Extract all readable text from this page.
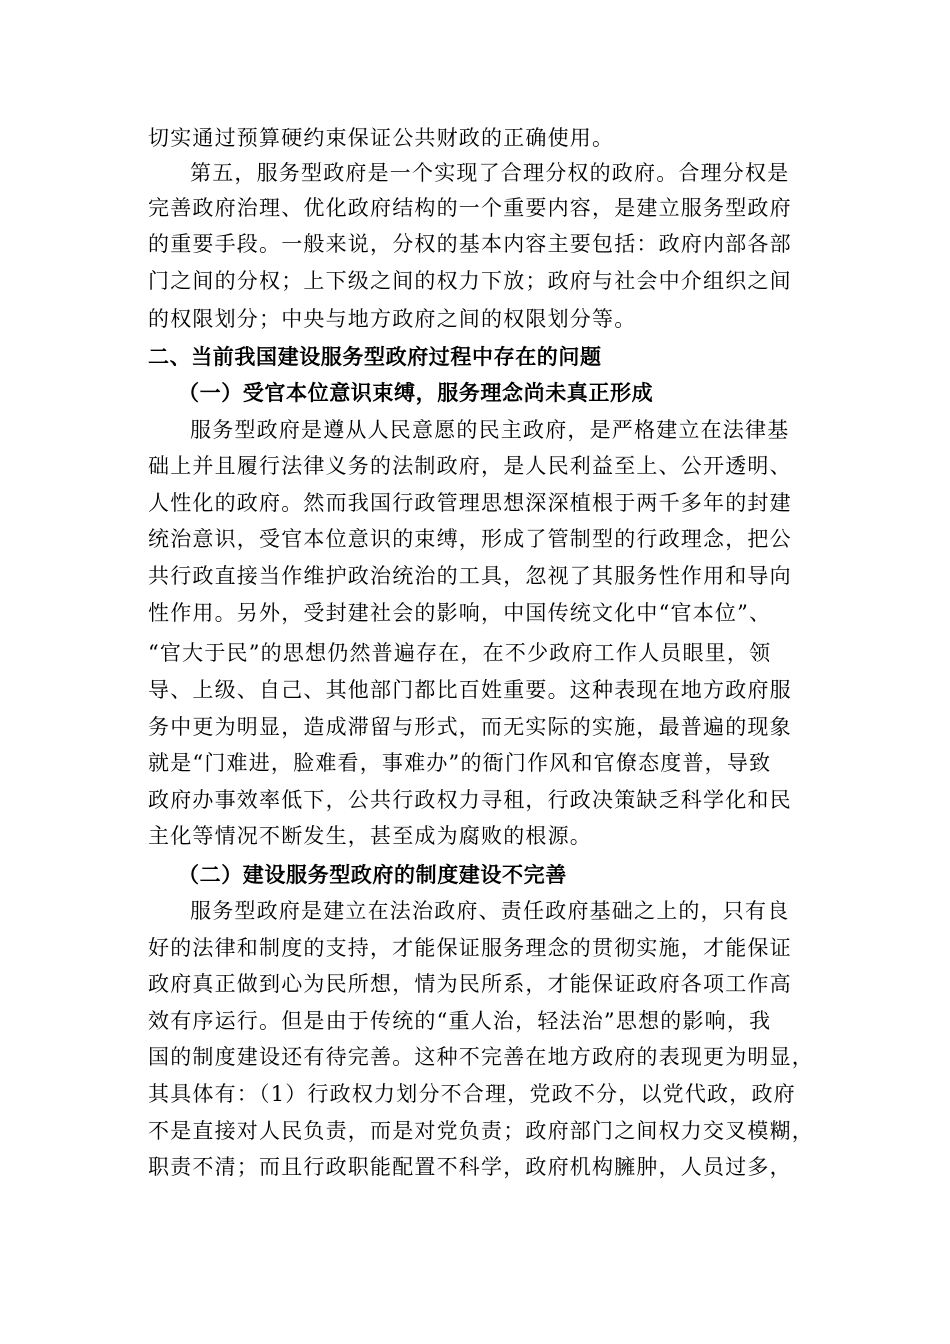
切实通过预算硬约束保证公共财政的正确使用。
第五，服务型政府是一个实现了合理分权的政府。合理分权是
完善政府治理、优化政府结构的一个重要内容，是建立服务型政府
的重要手段。一般来说，分权的基本内容主要包括：政府内部各部
门之间的分权；上下级之间的权力下放；政府与社会中介组织之间
的权限划分；中央与地方政府之间的权限划分等。
二、当前我国建设服务型政府过程中存在的问题
（一）受官本位意识束缚，服务理念尚未真正形成
服务型政府是遵从人民意愿的民主政府，是严格建立在法律基
础上并且履行法律义务的法制政府，是人民利益至上、公开透明、
人性化的政府。然而我国行政管理思想深深植根于两千多年的封建
统治意识，受官本位意识的束缚，形成了管制型的行政理念，把公
共行政直接当作维护政治统治的工具，忽视了其服务性作用和导向
性作用。另外，受封建社会的影响，中国传统文化中“官本位”、
“官大于民”的思想仍然普遍存在，在不少政府工作人员眼里，领
导、上级、自己、其他部门都比百姓重要。这种表现在地方政府服
务中更为明显，造成滞留与形式，而无实际的实施，最普遍的现象
就是“门难进，脸难看，事难办”的衙门作风和官僚态度普，导致
政府办事效率低下，公共行政权力寻租，行政决策缺乏科学化和民
主化等情况不断发生，甚至成为腐败的根源。
（二）建设服务型政府的制度建设不完善
服务型政府是建立在法治政府、责任政府基础之上的，只有良
好的法律和制度的支持，才能保证服务理念的贯彻实施，才能保证
政府真正做到心为民所想，情为民所系，才能保证政府各项工作高
效有序运行。但是由于传统的“重人治，轻法治”思想的影响，我
国的制度建设还有待完善。这种不完善在地方政府的表现更为明显，
其具体有：（1）行政权力划分不合理，党政不分，以党代政，政府
不是直接对人民负责，而是对党负责；政府部门之间权力交叉模糊，
职责不清；而且行政职能配置不科学，政府机构臃肿，人员过多，
